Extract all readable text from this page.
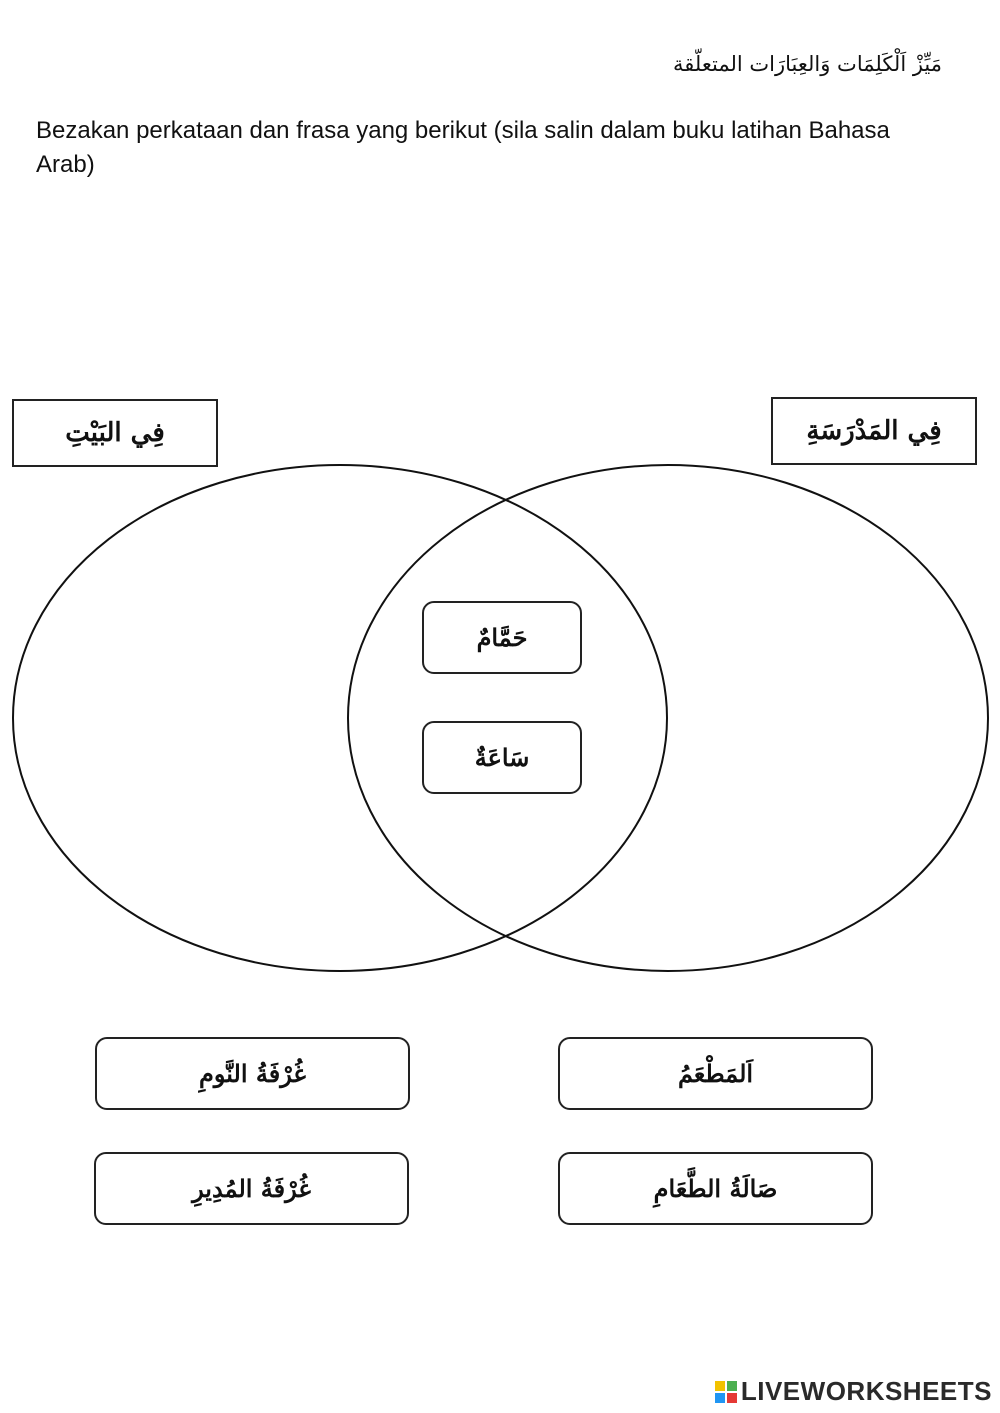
مَيِّزْ اَلْكَلِمَات وَالعِبَارَات المتعلّقة
Bezakan perkataan dan frasa yang berikut (sila salin dalam buku latihan Bahasa Arab)
فِي البَيْتِ	فِي المَدْرَسَةِ
حَمَّامٌ
سَاعَةٌ
غُرْفَةُ النَّومِ	اَلمَطْعَمُ
غُرْفَةُ المُدِيرِ	صَالَةُ الطَّعَامِ
LIVEWORKSHEETS
